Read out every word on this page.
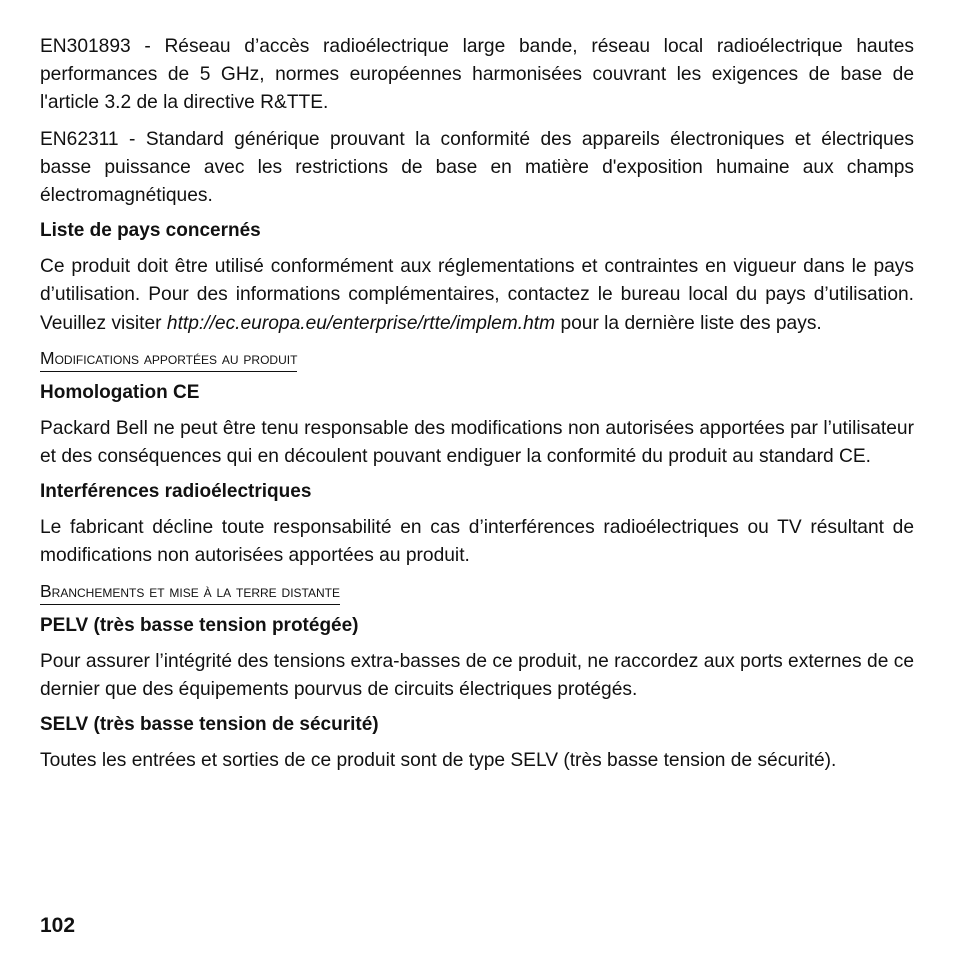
EN301893 - Réseau d’accès radioélectrique large bande, réseau local radioélectrique hautes performances de 5 GHz, normes européennes harmonisées couvrant les exigences de base de l'article 3.2 de la directive R&TTE.

EN62311 - Standard générique prouvant la conformité des appareils électroniques et électriques basse puissance avec les restrictions de base en matière d'exposition humaine aux champs électromagnétiques.

Liste de pays concernés

Ce produit doit être utilisé conformément aux réglementations et contraintes en vigueur dans le pays d’utilisation. Pour des informations complémentaires, contactez le bureau local du pays d’utilisation. Veuillez visiter http://ec.europa.eu/enterprise/rtte/implem.htm pour la dernière liste des pays.

Modifications apportées au produit
Homologation CE

Packard Bell ne peut être tenu responsable des modifications non autorisées apportées par l’utilisateur et des conséquences qui en découlent pouvant endiguer la conformité du produit au standard CE.

Interférences radioélectriques

Le fabricant décline toute responsabilité en cas d’interférences radioélectriques ou TV résultant de modifications non autorisées apportées au produit.

Branchements et mise à la terre distante
PELV (très basse tension protégée)

Pour assurer l’intégrité des tensions extra-basses de ce produit, ne raccordez aux ports externes de ce dernier que des équipements pourvus de circuits électriques protégés.

SELV (très basse tension de sécurité)

Toutes les entrées et sorties de ce produit sont de type SELV (très basse tension de sécurité).

102
